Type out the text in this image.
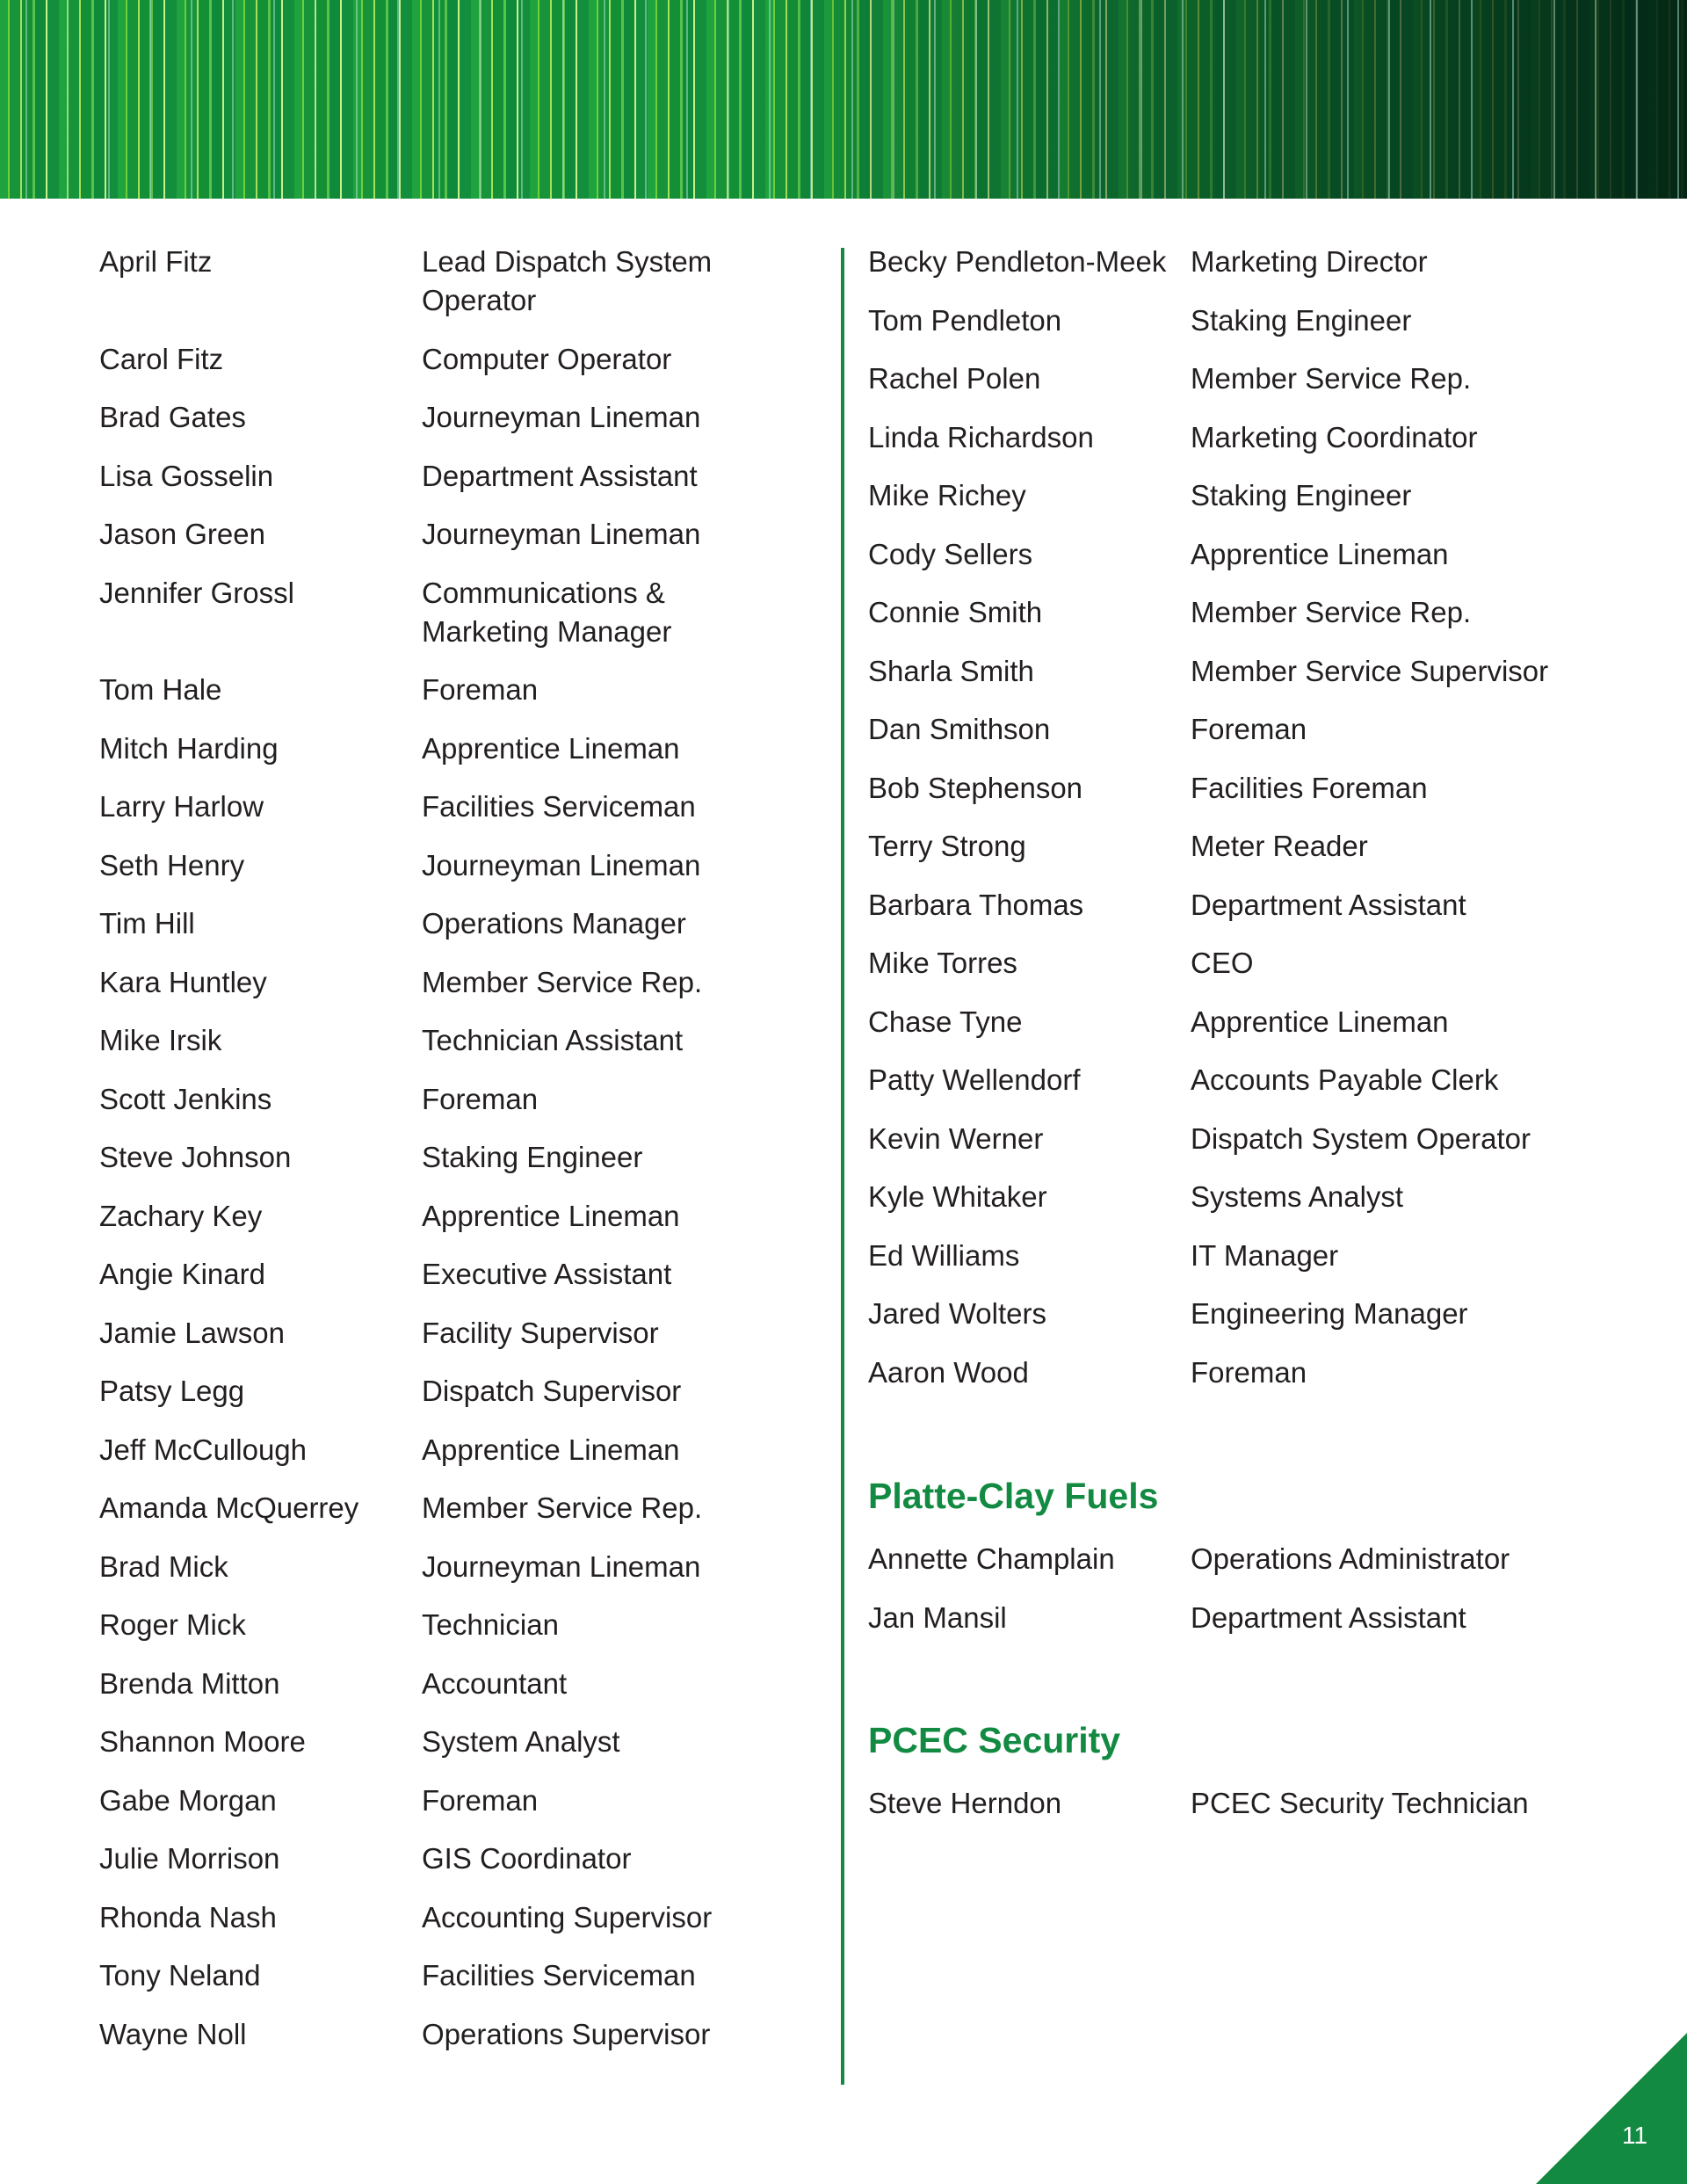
April Fitz	Lead Dispatch System Operator
Carol Fitz	Computer Operator
Brad Gates	Journeyman Lineman
Lisa Gosselin	Department Assistant
Jason Green	Journeyman Lineman
Jennifer Grossl	Communications & Marketing Manager
Tom Hale	Foreman
Mitch Harding	Apprentice Lineman
Larry Harlow	Facilities Serviceman
Seth Henry	Journeyman Lineman
Tim Hill	Operations Manager
Kara Huntley	Member Service Rep.
Mike Irsik	Technician Assistant
Scott Jenkins	Foreman
Steve Johnson	Staking Engineer
Zachary Key	Apprentice Lineman
Angie Kinard	Executive Assistant
Jamie Lawson	Facility Supervisor
Patsy Legg	Dispatch Supervisor
Jeff McCullough	Apprentice Lineman
Amanda McQuerrey	Member Service Rep.
Brad Mick	Journeyman Lineman
Roger Mick	Technician
Brenda Mitton	Accountant
Shannon Moore	System Analyst
Gabe Morgan	Foreman
Julie Morrison	GIS Coordinator
Rhonda Nash	Accounting Supervisor
Tony Neland	Facilities Serviceman
Wayne Noll	Operations Supervisor
Becky Pendleton-Meek Marketing Director
Tom Pendleton	Staking Engineer
Rachel Polen	Member Service Rep.
Linda Richardson	Marketing Coordinator
Mike Richey	Staking Engineer
Cody Sellers	Apprentice Lineman
Connie Smith	Member Service Rep.
Sharla Smith	Member Service Supervisor
Dan Smithson	Foreman
Bob Stephenson	Facilities Foreman
Terry Strong	Meter Reader
Barbara Thomas	Department Assistant
Mike Torres	CEO
Chase Tyne	Apprentice Lineman
Patty Wellendorf	Accounts Payable Clerk
Kevin Werner	Dispatch System Operator
Kyle Whitaker	Systems Analyst
Ed Williams	IT Manager
Jared Wolters	Engineering Manager
Aaron Wood	Foreman
Platte-Clay Fuels
Annette Champlain	Operations Administrator
Jan Mansil	Department Assistant
PCEC Security
Steve Herndon	PCEC Security Technician
11
